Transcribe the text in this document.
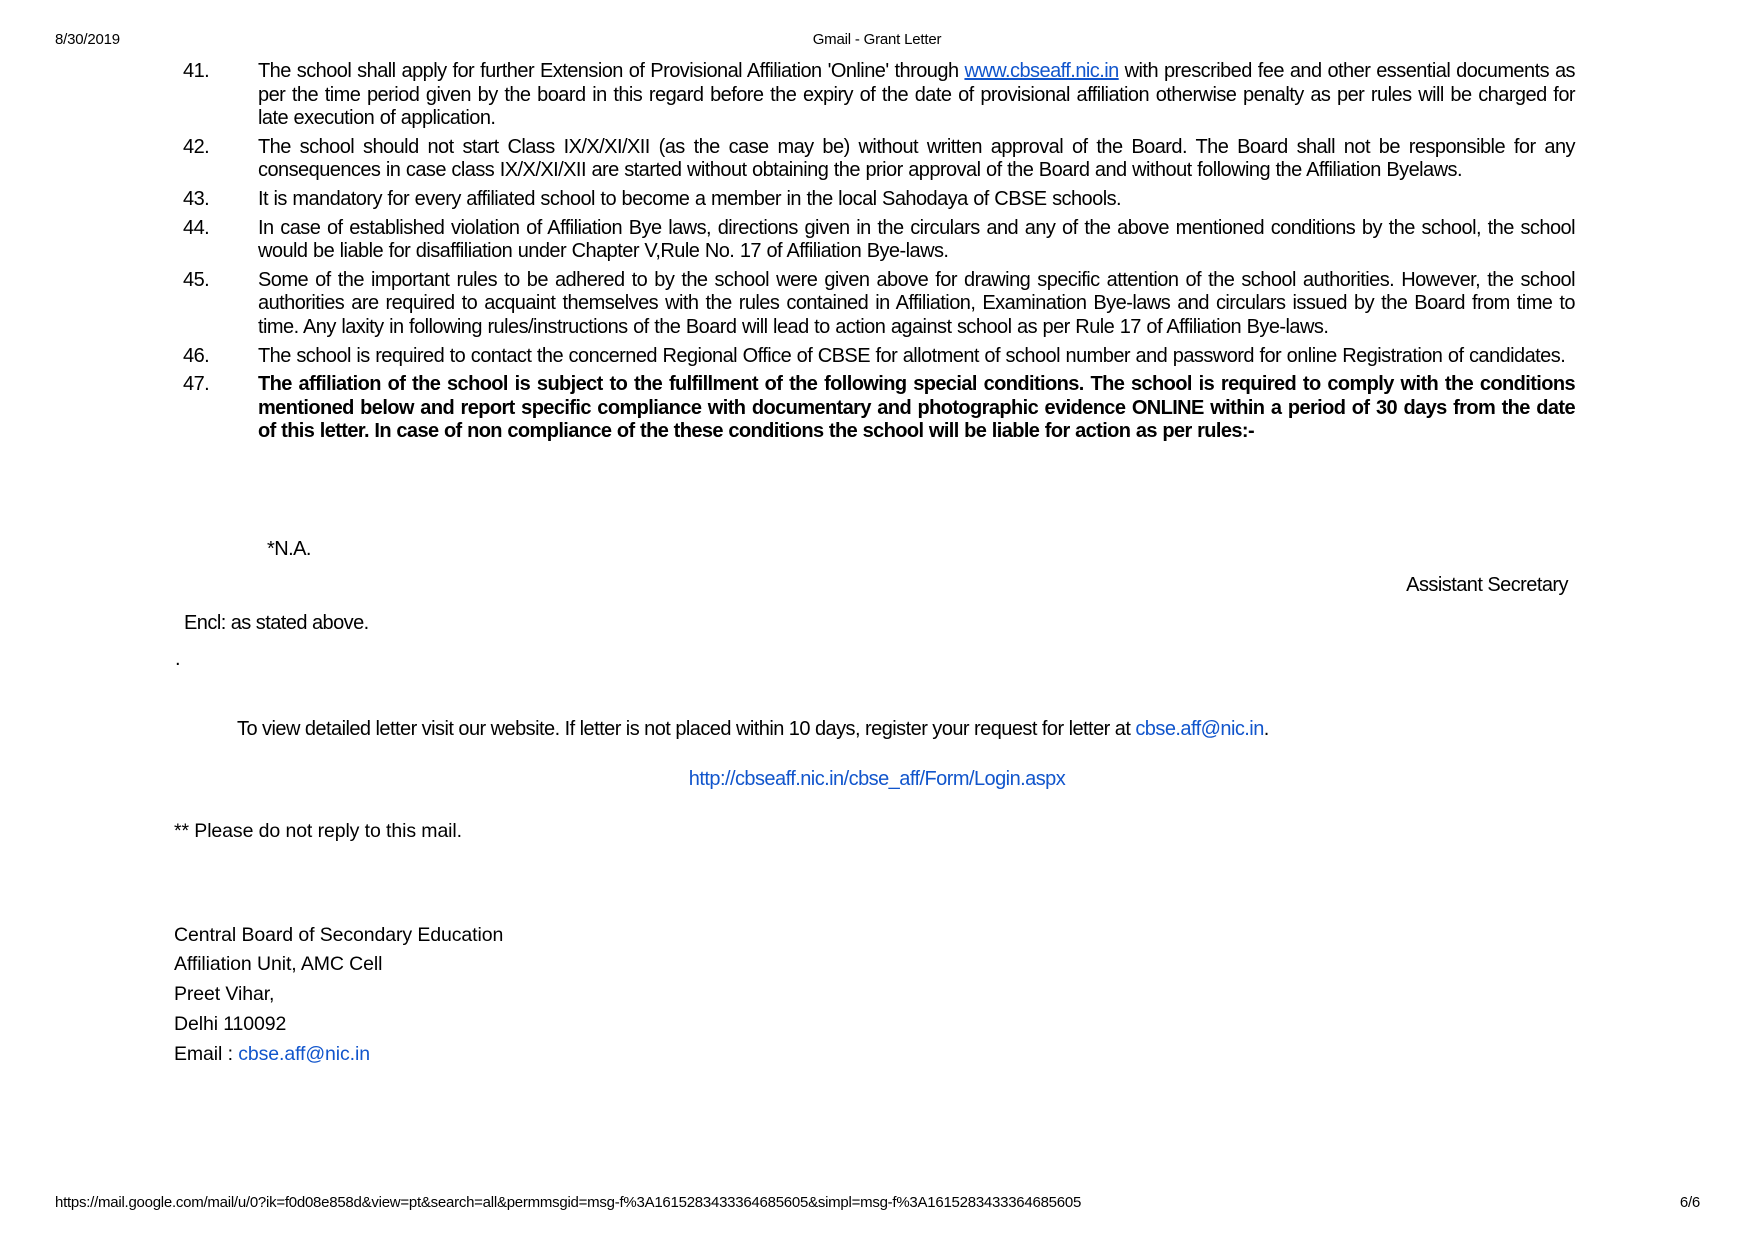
8/30/2019	Gmail - Grant Letter
41.	The school shall apply for further Extension of Provisional Affiliation 'Online' through www.cbseaff.nic.in with prescribed fee and other essential documents as per the time period given by the board in this regard before the expiry of the date of provisional affiliation otherwise penalty as per rules will be charged for late execution of application.
42.	The school should not start Class IX/X/XI/XII (as the case may be) without written approval of the Board. The Board shall not be responsible for any consequences in case class IX/X/XI/XII are started without obtaining the prior approval of the Board and without following the Affiliation Byelaws.
43.	It is mandatory for every affiliated school to become a member in the local Sahodaya of CBSE schools.
44.	In case of established violation of Affiliation Bye laws, directions given in the circulars and any of the above mentioned conditions by the school, the school would be liable for disaffiliation under Chapter V,Rule No. 17 of Affiliation Bye-laws.
45.	Some of the important rules to be adhered to by the school were given above for drawing specific attention of the school authorities. However, the school authorities are required to acquaint themselves with the rules contained in Affiliation, Examination Bye-laws and circulars issued by the Board from time to time. Any laxity in following rules/instructions of the Board will lead to action against school as per Rule 17 of Affiliation Bye-laws.
46.	The school is required to contact the concerned Regional Office of CBSE for allotment of school number and password for online Registration of candidates.
47.	The affiliation of the school is subject to the fulfillment of the following special conditions. The school is required to comply with the conditions mentioned below and report specific compliance with documentary and photographic evidence ONLINE within a period of 30 days from the date of this letter. In case of non compliance of the these conditions the school will be liable for action as per rules:-
*N.A.
Assistant Secretary
Encl: as stated above.
.
To view detailed letter visit our website. If letter is not placed within 10 days, register your request for letter at cbse.aff@nic.in.
http://cbseaff.nic.in/cbse_aff/Form/Login.aspx
** Please do not reply to this mail.
Central Board of Secondary Education
Affiliation Unit, AMC Cell
Preet Vihar,
Delhi 110092
Email : cbse.aff@nic.in
https://mail.google.com/mail/u/0?ik=f0d08e858d&view=pt&search=all&permmsgid=msg-f%3A1615283433364685605&simpl=msg-f%3A1615283433364685605	6/6
